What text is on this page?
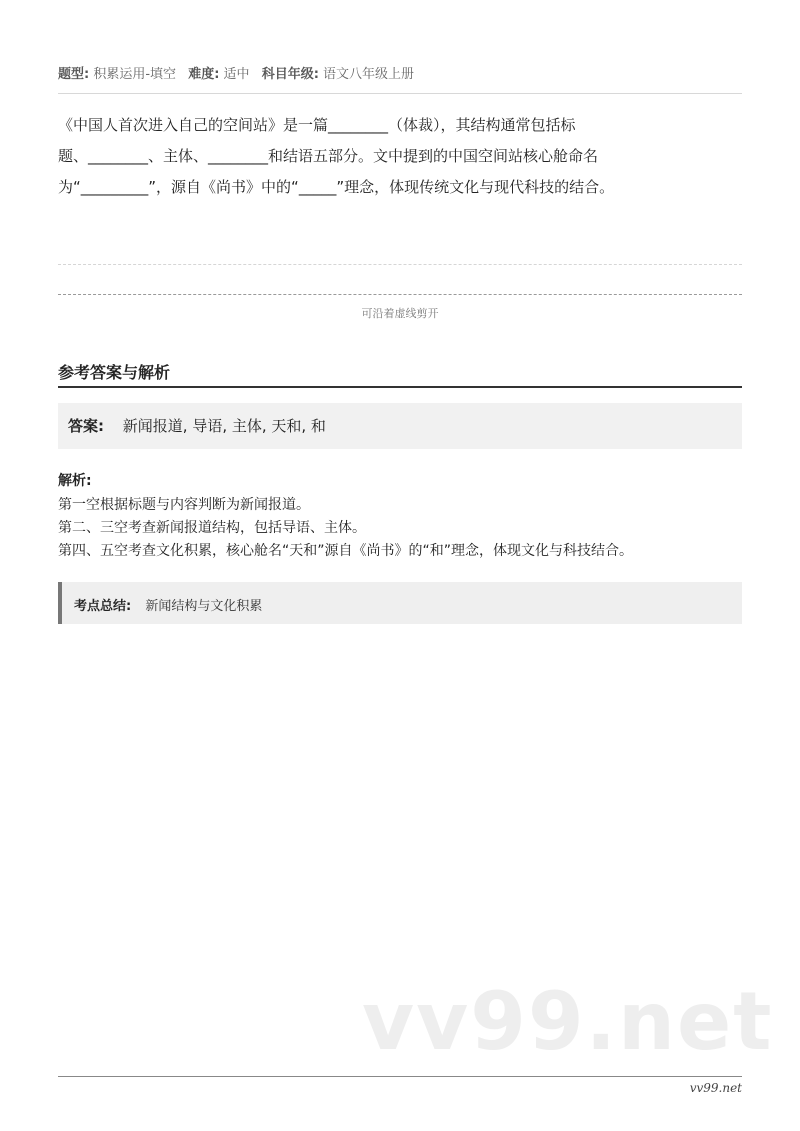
题型: 积累运用-填空 难度: 适中 科目年级: 语文八年级上册
《中国人首次进入自己的空间站》是一篇________（体裁），其结构通常包括标
题、________、主体、________和结语五部分。文中提到的中国空间站核心舱命名
为“_________”，源自《尚书》中的“_____”理念，体现传统文化与现代科技的结合。
可沿着虚线剪开
参考答案与解析
答案: 新闻报道, 导语, 主体, 天和, 和
解析:
第一空根据标题与内容判断为新闻报道。
第二、三空考查新闻报道结构，包括导语、主体。
第四、五空考查文化积累，核心舱名“天和”源自《尚书》的“和”理念，体现文化与科技结合。
考点总结: 新闻结构与文化积累
vv99.net
vv99.net
